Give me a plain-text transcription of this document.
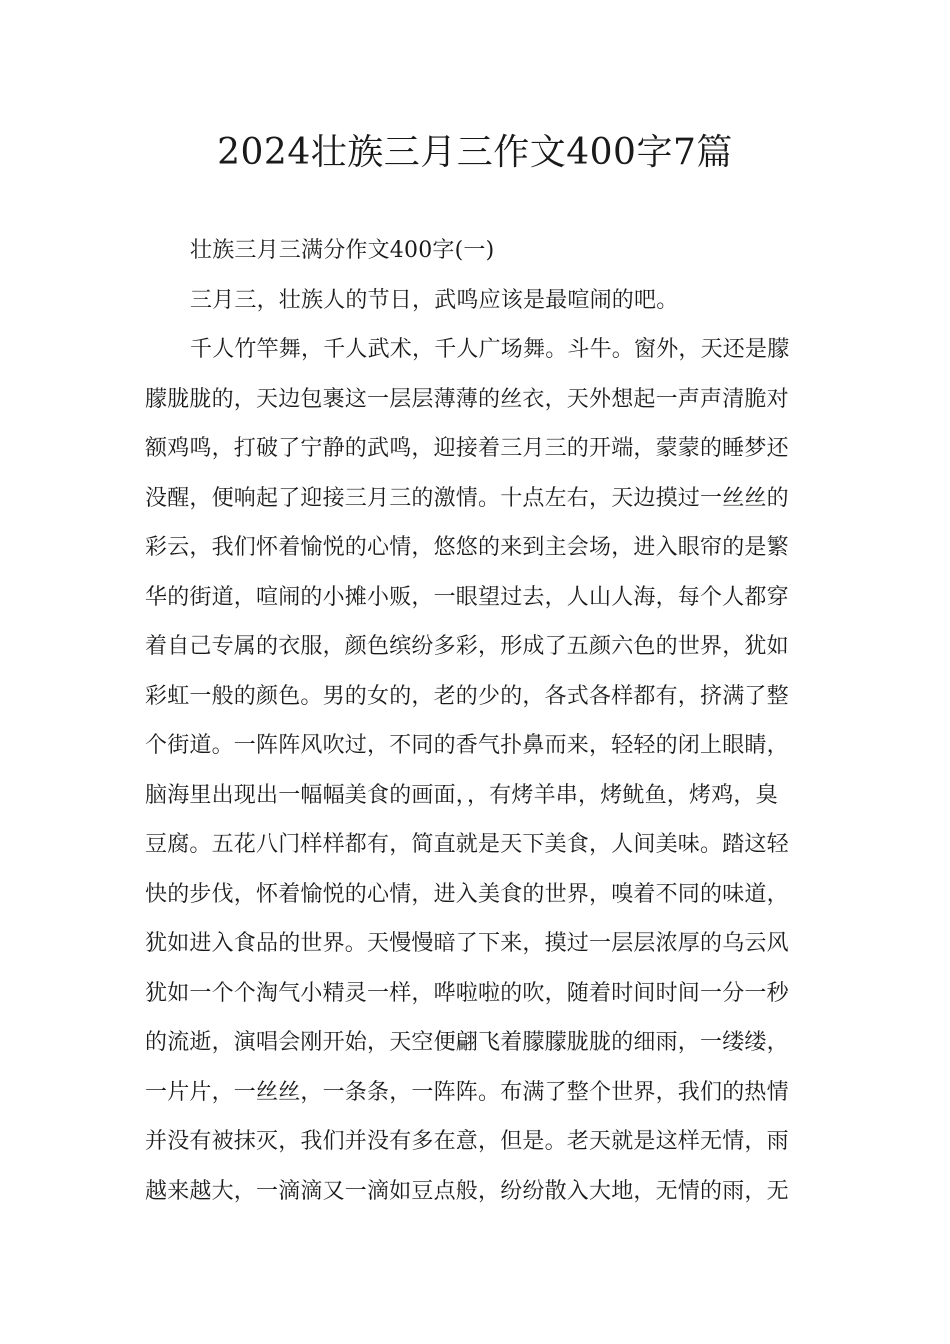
2024壮族三月三作文400字7篇

壮族三月三满分作文400字(一)

三月三，壮族人的节日，武鸣应该是最喧闹的吧。

千人竹竿舞，千人武术，千人广场舞。斗牛。窗外，天还是朦
朦胧胧的，天边包裹这一层层薄薄的丝衣，天外想起一声声清脆对
额鸡鸣，打破了宁静的武鸣，迎接着三月三的开端，蒙蒙的睡梦还
没醒，便响起了迎接三月三的激情。十点左右，天边摸过一丝丝的
彩云，我们怀着愉悦的心情，悠悠的来到主会场，进入眼帘的是繁
华的街道，喧闹的小摊小贩，一眼望过去，人山人海，每个人都穿
着自己专属的衣服，颜色缤纷多彩，形成了五颜六色的世界，犹如
彩虹一般的颜色。男的女的，老的少的，各式各样都有，挤满了整
个街道。一阵阵风吹过，不同的香气扑鼻而来，轻轻的闭上眼睛，
脑海里出现出一幅幅美食的画面，，有烤羊串，烤鱿鱼，烤鸡，臭
豆腐。五花八门样样都有，简直就是天下美食，人间美味。踏这轻
快的步伐，怀着愉悦的心情，进入美食的世界，嗅着不同的味道，
犹如进入食品的世界。天慢慢暗了下来，摸过一层层浓厚的乌云风
犹如一个个淘气小精灵一样，哗啦啦的吹，随着时间时间一分一秒
的流逝，演唱会刚开始，天空便翩飞着朦朦胧胧的细雨，一缕缕，
一片片，一丝丝，一条条，一阵阵。布满了整个世界，我们的热情
并没有被抹灭，我们并没有多在意，但是。老天就是这样无情，雨
越来越大，一滴滴又一滴如豆点般，纷纷散入大地，无情的雨，无
